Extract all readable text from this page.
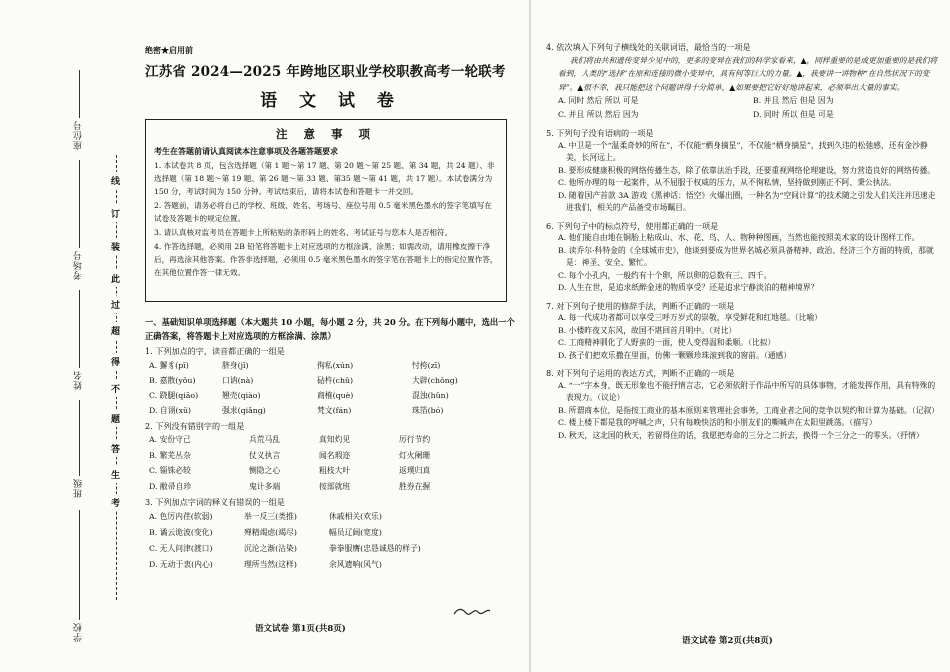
座位号
考场号
姓名
班级
学校
线
订
装
此
过
超
得
不
题
答
生
考
绝密★启用前
江苏省 2024—2025 年跨地区职业学校职教高考一轮联考
语 文 试 卷
注 意 事 项
考生在答题前请认真阅读本注意事项及各题答题要求

1. 本试卷共 8 页，包含选择题（第 1 题～第 17 题、第 20 题～第 25 题、第 34 题，共 24 题）、非选择题（第 18 题～第 19 题、第 26 题～第 33 题、第35 题～第 41 题，共 17 题）。本试卷满分为 150 分，考试时间为 150 分钟。考试结束后，请将本试卷和答题卡一并交回。

2. 答题前，请务必将自己的学校、班级、姓名、考场号、座位号用 0.5 毫米黑色墨水的签字笔填写在试卷及答题卡的规定位置。

3. 请认真核对监考员在答题卡上所粘贴的条形码上的姓名、考试证号与您本人是否相符。

4. 作答选择题，必须用 2B 铅笔将答题卡上对应选项的方框涂满、涂黑；如需改动，请用橡皮擦干净后，再选涂其他答案。作答非选择题，必须用 0.5 毫米黑色墨水的签字笔在答题卡上的指定位置作答，在其他位置作答一律无效。

一、基础知识单项选择题（本大题共 10 小题，每小题 2 分，共 20 分。在下列每小题中，选出一个正确答案，将答题卡上对应选项的方框涂满、涂黑）
1. 下列加点的字，读音都正确的一组是
A. 獬豸(pī)	脐身(jī)	徇私(xún)	忖挎(zī)
B. 嘉散(yǒu)	口讷(nà)	砧杵(chǔ)	大辟(chǒng)
C. 跷腿(qiāo)	翘壳(qiào)	商榷(què)	混浊(hǔn)
D. 自诩(xǔ)	强求(qiǎng)	梵文(fán)	珠箔(bó)
2. 下列没有错别字的一组是
A. 安份守己	兵荒马乱	真知灼见	厉行节约
B. 繁芜丛杂	仗义执言	闻名瑕迩	灯火阑珊
C. 锱铢必较	恻隐之心	粗枝大叶	返璞归真
D. 敝帚自珍	鬼计多端	按部就班	胜券在握
3. 下列加点字词的释义有错误的一组是
A. 色厉内荏(软弱)	举一反三(类推)	休戚相关(欢乐)
B. 谲云诡波(变化)	殚精竭虑(竭尽)	幅员辽阔(宽度)
C. 无人问津(渡口)	沉沦之渐(沾染)	拳拳服膺(忠恳诚恳的样子)
D. 无动于衷(内心)	理所当然(这样)	余风遗响(风气)
语文试卷 第1页(共8页)
4. 依次填入下列句子横线处的关联词语，最恰当的一项是
我们将由共和遗传变异少见中的，更多的变异在我们的科学家看来，▲，同样重要的是成更加重要的是我们将看到，人类的“选择”在原和连接的微小变异中，具有何等巨大的力量。▲，我要讲一讲物种“在自然状况下的变异”。▲很不幸，我只能把这个问题讲得十分简单，▲如果要把它好好地讲起来，必须举出大量的事实。
A. 同时 然后 所以 可是	B. 并且 然后 但是 因为
C. 并且 所以 然后 因为	D. 同时 所以 但是 可是
5. 下列句子没有语病的一项是
A. 中卫是一个“温柔奇妙的所在”，不仅能“栖身摘星”，不仅能“栖身摘星”，找到久违的松弛感，还有金沙静美，长河远上。
B. 要形成健康积极的网络传播生态，除了依靠法治手段，还要重视网络伦理建设，努力营造良好的网络传播。
C. 他所办理的每一起案件，从不屈服于权威的压力，从不徇私情，坚持做到刚正不阿、秉公执法。
D. 随着国产首款 3A 游戏《黑神话：悟空》火爆出圈，一种名为“空间计算”的技术随之引发人们关注并迅速走进我们，相关的产品备受市场瞩目。
6. 下列句子中的标点符号，使用都正确的一项是
A. 他们能自由地在铜胎上粘成山、水、花、鸟、人、物种种图画，当然也能按照美术家的设计图样工作。
B. 读乔尔·科特金的《全球城市史》，他谈到要成为世界名城必须具备精神、政治、经济三个方面的特质，那就是：神圣、安全、繁忙。
C. 每个小孔内，一般约有十个卵，所以卵的总数有三、四千。
D. 人生在世，是追求纸醉金迷的物质享受？还是追求宁静淡泊的精神境界？
7. 对下列句子使用的修辞手法，判断不正确的一项是
A. 每一代成功者都可以享受三呼万岁式的崇敬，享受鲜花和红地毯。（比喻）
B. 小楼昨夜又东风，故国不堪回首月明中。（对比）
C. 工商精神驯化了人野蛮的一面，使人变得温和柔顺。（比拟）
D. 孩子们把欢乐撒在里面，仿佛一颗颗珍珠滚到我的窗前。（通感）
8. 对下列句子运用的表达方式，判断不正确的一项是
A. “一”字本身，既无形象也不能抒情言志，它必须依附于作品中所写的具体事物，才能发挥作用，具有特殊的表现力。（议论）
B. 所谓商本位，是指按工商业的基本原则来管理社会事务，工商业者之间的竞争以契约和计算为基础。（记叙）
C. 楼上楼下都是我的呼喊之声，只有每晚快活的和小朋友们的嘶喊声在太阳里跳荡。（描写）
D. 秋天，这北国的秋天，若留得住的话，我愿把寿命的三分之二折去，换得一个三分之一的零头。（抒情）
语文试卷 第2页(共8页)
